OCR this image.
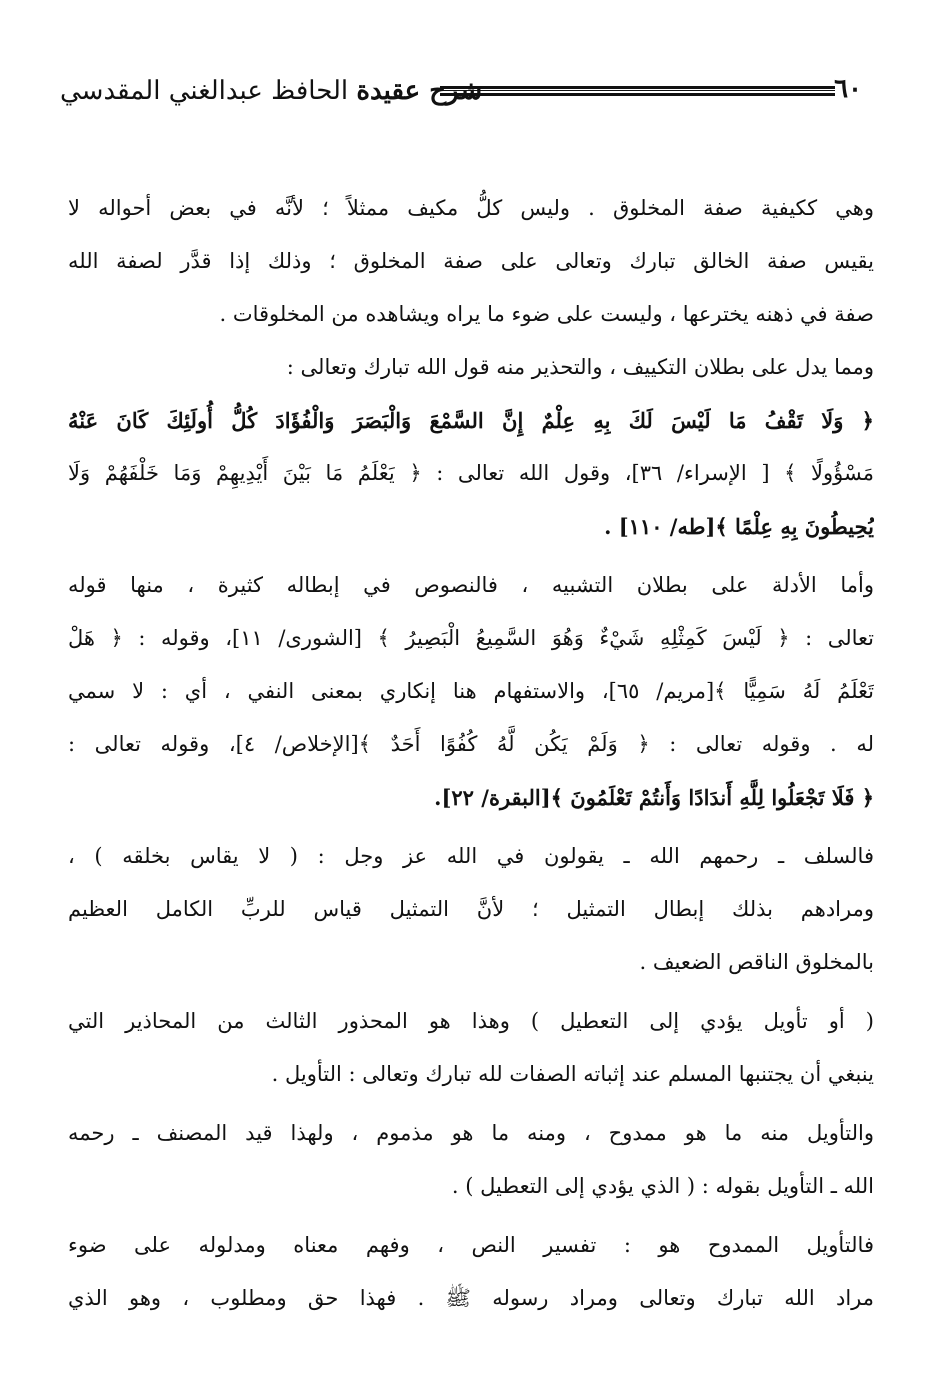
شرح عقيدة الحافظ عبدالغني المقدسي	٦٠
وهي ككيفية صفة المخلوق . وليس كلُّ مكيف ممثلاً ؛ لأنَّه في بعض أحواله لا
يقيس صفة الخالق تبارك وتعالى على صفة المخلوق ؛ وذلك إذا قدَّر لصفة الله
صفة في ذهنه يخترعها ، وليست على ضوء ما يراه ويشاهده من المخلوقات .
ومما يدل على بطلان التكييف ، والتحذير منه قول الله تبارك وتعالى :
﴿ وَلَا تَقْفُ مَا لَيْسَ لَكَ بِهِ عِلْمٌ إِنَّ السَّمْعَ وَالْبَصَرَ وَالْفُؤَادَ كُلُّ أُولَئِكَ كَانَ عَنْهُ
مَسْؤُولًا ﴾ [ الإسراء/ ٣٦]، وقول الله تعالى : ﴿ يَعْلَمُ مَا بَيْنَ أَيْدِيهِمْ وَمَا خَلْفَهُمْ وَلَا
يُحِيطُونَ بِهِ عِلْمًا ﴾[طه/ ١١٠] .
وأما الأدلة على بطلان التشبيه ، فالنصوص في إبطاله كثيرة ، منها قوله
تعالى : ﴿ لَيْسَ كَمِثْلِهِ شَيْءٌ وَهُوَ السَّمِيعُ الْبَصِيرُ ﴾ [الشورى/ ١١]، وقوله : ﴿ هَلْ
تَعْلَمُ لَهُ سَمِيًّا ﴾[مريم/ ٦٥]، والاستفهام هنا إنكاري بمعنى النفي ، أي : لا سمي
له . وقوله تعالى : ﴿ وَلَمْ يَكُن لَّهُ كُفُوًا أَحَدٌ ﴾[الإخلاص/ ٤]، وقوله تعالى :
﴿ فَلَا تَجْعَلُوا لِلَّهِ أَندَادًا وَأَنتُمْ تَعْلَمُونَ ﴾[البقرة/ ٢٢].
فالسلف ـ رحمهم الله ـ يقولون في الله عز وجل : ( لا يقاس بخلقه ) ،
ومرادهم بذلك إبطال التمثيل ؛ لأنَّ التمثيل قياس للربِّ الكامل العظيم
بالمخلوق الناقص الضعيف .
( أو تأويل يؤدي إلى التعطيل ) وهذا هو المحذور الثالث من المحاذير التي
ينبغي أن يجتنبها المسلم عند إثباته الصفات لله تبارك وتعالى : التأويل .
والتأويل منه ما هو ممدوح ، ومنه ما هو مذموم ، ولهذا قيد المصنف ـ رحمه
الله ـ التأويل بقوله : ( الذي يؤدي إلى التعطيل ) .
فالتأويل الممدوح هو : تفسير النص ، وفهم معناه ومدلوله على ضوء
مراد الله تبارك وتعالى ومراد رسوله ﷺ . فهذا حق ومطلوب ، وهو الذي
